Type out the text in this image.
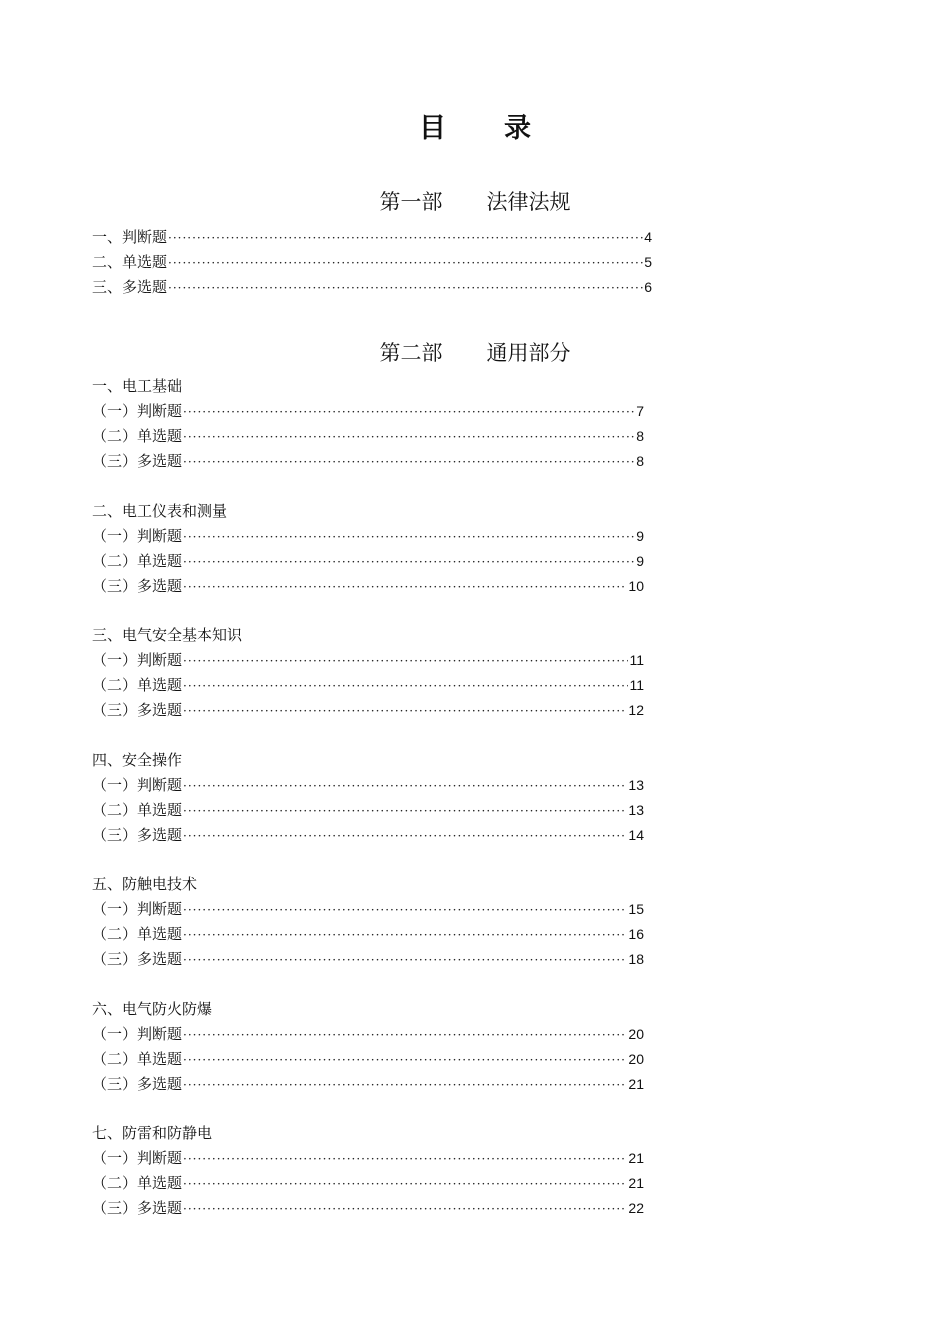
目 录
第一部 法律法规
一、判断题 ·····	4
二、单选题 ·····	5
三、多选题 ·····	6
第二部 通用部分
一、电工基础
（一）判断题 ·····	7
（二）单选题 ·····	8
（三）多选题 ·····	8
二、电工仪表和测量
（一）判断题 ·····	9
（二）单选题 ·····	9
（三）多选题 ·····	10
三、电气安全基本知识
（一）判断题 ·····	11
（二）单选题 ·····	11
（三）多选题 ·····	12
四、安全操作
（一）判断题 ·····	13
（二）单选题 ·····	13
（三）多选题 ·····	14
五、防触电技术
（一）判断题 ·····	15
（二）单选题 ·····	16
（三）多选题 ·····	18
六、电气防火防爆
（一）判断题 ·····	20
（二）单选题 ·····	20
（三）多选题 ·····	21
七、防雷和防静电
（一）判断题 ·····	21
（二）单选题 ·····	21
（三）多选题 ·····	22
